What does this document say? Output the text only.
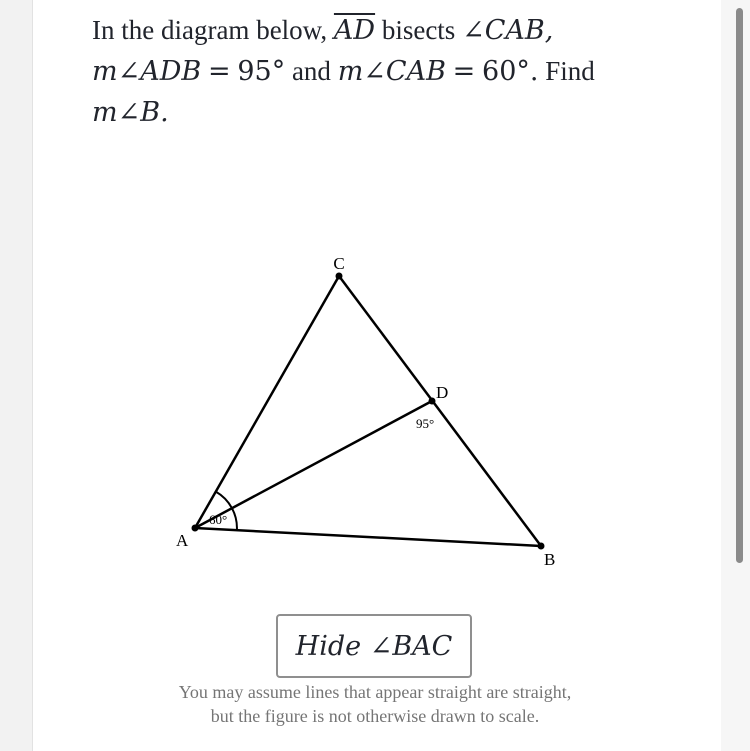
In the diagram below, $\overline{AD}$ bisects ∠CAB,
m∠ADB = 95° and m∠CAB = 60°. Find
m∠B.
C
D
A
B
95°
60°
Hide ∠BAC
You may assume lines that appear straight are straight,
but the figure is not otherwise drawn to scale.
